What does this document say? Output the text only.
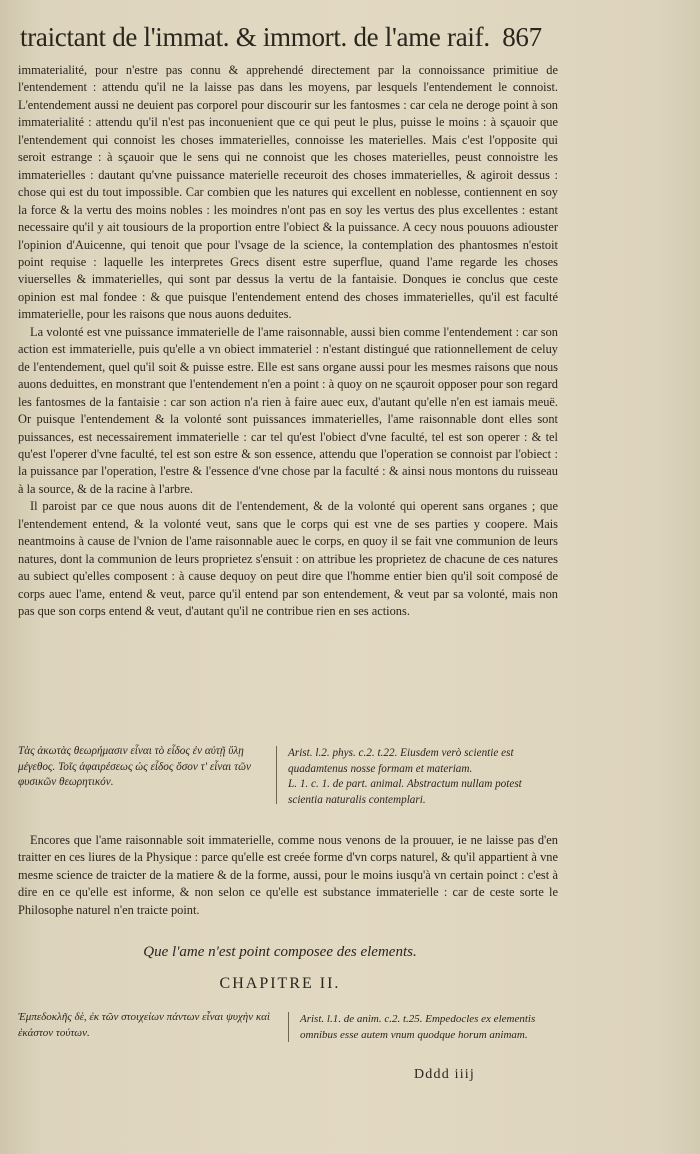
traictant de l'immat. & immort. de l'ame raif. 867

immaterialité, pour n'estre pas connu & apprehendé directement par la connoissance primitiue de l'entendement : attendu qu'il ne la laisse pas dans les moyens, par lesquels l'entendement le connoist. L'entendement aussi ne deuient pas corporel pour discourir sur les fantosmes : car cela ne deroge point à son immaterialité : attendu qu'il n'est pas inconuenient que ce qui peut le plus, puisse le moins : à sçauoir que l'entendement qui connoist les choses immaterielles, connoisse les materielles. Mais c'est l'opposite qui seroit estrange : à sçauoir que le sens qui ne connoist que les choses materielles, peust connoistre les immaterielles : dautant qu'vne puissance materielle receuroit des choses immaterielles, & agiroit dessus : chose qui est du tout impossible. Car combien que les natures qui excellent en noblesse, contiennent en soy la force & la vertu des moins nobles : les moindres n'ont pas en soy les vertus des plus excellentes : estant necessaire qu'il y ait tousiours de la proportion entre l'obiect & la puissance. A cecy nous pouuons adiouster l'opinion d'Auicenne, qui tenoit que pour l'vsage de la science, la contemplation des phantosmes n'estoit point requise : laquelle les interpretes Grecs disent estre superflue, quand l'ame regarde les choses viuerselles & immaterielles, qui sont par dessus la vertu de la fantaisie. Donques ie conclus que ceste opinion est mal fondee : & que puisque l'entendement entend des choses immaterielles, qu'il est faculté immaterielle, pour les raisons que nous auons deduites.

La volonté est vne puissance immaterielle de l'ame raisonnable, aussi bien comme l'entendement : car son action est immaterielle, puis qu'elle a vn obiect immateriel : n'estant distingué que rationnellement de celuy de l'entendement, quel qu'il soit & puisse estre. Elle est sans organe aussi pour les mesmes raisons que nous auons deduittes, en monstrant que l'entendement n'en a point : à quoy on ne sçauroit opposer pour son regard les fantosmes de la fantaisie : car son action n'a rien à faire auec eux, d'autant qu'elle n'en est iamais meuë. Or puisque l'entendement & la volonté sont puissances immaterielles, l'ame raisonnable dont elles sont puissances, est necessairement immaterielle : car tel qu'est l'obiect d'vne faculté, tel est son operer : & tel qu'est l'operer d'vne faculté, tel est son estre & son essence, attendu que l'operation se connoist par l'obiect : la puissance par l'operation, l'estre & l'essence d'vne chose par la faculté : & ainsi nous montons du ruisseau à la source, & de la racine à l'arbre.

Il paroist par ce que nous auons dit de l'entendement, & de la volonté qui operent sans organes ; que l'entendement entend, & la volonté veut, sans que le corps qui est vne de ses parties y coopere. Mais neantmoins à cause de l'vnion de l'ame raisonnable auec le corps, en quoy il se fait vne communion de leurs natures, dont la communion de leurs proprietez s'ensuit : on attribue les proprietez de chacune de ces natures au subiect qu'elles composent : à cause dequoy on peut dire que l'homme entier bien qu'il soit composé de corps auec l'ame, entend & veut, parce qu'il entend par son entendement, & veut par sa volonté, mais non pas que son corps entend & veut, d'autant qu'il ne contribue rien en ses actions.

Τὰς ἀκωτὰς θεωρήμασιν εἶναι τὸ εἶδος ἐν αὐτῇ ὕλῃ μέγεθος. Τοῖς ἀφαιρέσεως ὡς εἶδος ὅσον τ' εἶναι τῶν φυσικῶν θεωρητικόν.
Arist. l.2. phys. c.2. t.22. Eiusdem verò scientie est quadamtenus nosse formam et materiam.
L. 1. c. 1. de part. animal. Abstractum nullam potest scientia naturalis contemplari.

Encores que l'ame raisonnable soit immaterielle, comme nous venons de la prouuer, ie ne laisse pas d'en traitter en ces liures de la Physique : parce qu'elle est creée forme d'vn corps naturel, & qu'il appartient à vne mesme science de traicter de la matiere & de la forme, aussi, pour le moins iusqu'à vn certain poinct : c'est à dire en ce qu'elle est informe, & non selon ce qu'elle est substance immaterielle : car de ceste sorte le Philosophe naturel n'en traicte point.

Que l'ame n'est point composee des elements.
CHAPITRE II.
Ἐμπεδοκλῆς δὲ, ἐκ τῶν στοιχείων πάντων εἶναι ψυχὴν καὶ ἐκάστον τούτων.
Arist. l.1. de anim. c.2. t.25. Empedocles ex elementis omnibus esse autem vnum quodque horum animam.
Dddd iiij
